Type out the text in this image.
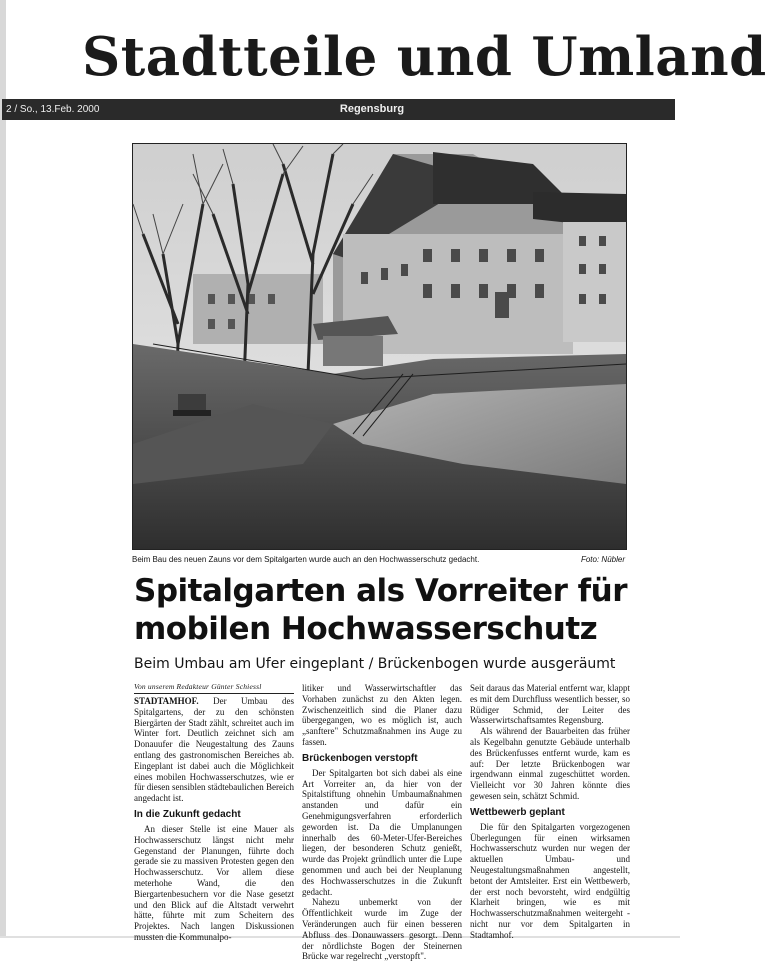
Stadtteile und Umland
2 / So., 13.Feb. 2000	Regensburg
Beim Bau des neuen Zauns vor dem Spitalgarten wurde auch an den Hochwasserschutz gedacht.	Foto: Nübler
Spitalgarten als Vorreiter für
mobilen Hochwasserschutz
Beim Umbau am Ufer eingeplant / Brückenbogen wurde ausgeräumt
Von unserem Redakteur Günter Schiessl

STADTAMHOF. Der Umbau des Spitalgartens, der zu den schönsten Biergärten der Stadt zählt, schreitet auch im Winter fort. Deutlich zeichnet sich am Donauufer die Neugestaltung des Zauns entlang des gastronomischen Bereiches ab. Eingeplant ist dabei auch die Möglichkeit eines mobilen Hochwasserschutzes, wie er für diesen sensiblen städtebaulichen Bereich angedacht ist.

In die Zukunft gedacht

An dieser Stelle ist eine Mauer als Hochwasserschutz längst nicht mehr Gegenstand der Planungen, führte doch gerade sie zu massiven Protesten gegen den Hochwasserschutz. Vor allem diese meterhohe Wand, die den Biergartenbesuchern vor die Nase gesetzt und den Blick auf die Altstadt verwehrt hätte, führte mit zum Scheitern des Projektes. Nach langen Diskussionen mussten die Kommunalpo-

litiker und Wasserwirtschaftler das Vorhaben zunächst zu den Akten legen. Zwischenzeitlich sind die Planer dazu übergegangen, wo es möglich ist, auch „sanftere" Schutzmaßnahmen ins Auge zu fassen.

Brückenbogen verstopft

Der Spitalgarten bot sich dabei als eine Art Vorreiter an, da hier von der Spitalstiftung ohnehin Umbaumaßnahmen anstanden und dafür ein Genehmigungsverfahren erforderlich geworden ist. Da die Umplanungen innerhalb des 60-Meter-Ufer-Bereiches liegen, der besonderen Schutz genießt, wurde das Projekt gründlich unter die Lupe genommen und auch bei der Neuplanung des Hochwasserschutzes in die Zukunft gedacht.

Nahezu unbemerkt von der Öffentlichkeit wurde im Zuge der Veränderungen auch für einen besseren Abfluss des Donauwassers gesorgt. Denn der nördlichste Bogen der Steinernen Brücke war regelrecht „verstopft".

Seit daraus das Material entfernt war, klappt es mit dem Durchfluss wesentlich besser, so Rüdiger Schmid, der Leiter des Wasserwirtschaftsamtes Regensburg.

Als während der Bauarbeiten das früher als Kegelbahn genutzte Gebäude unterhalb des Brückenfusses entfernt wurde, kam es auf: Der letzte Brückenbogen war irgendwann einmal zugeschüttet worden. Vielleicht vor 30 Jahren könnte dies gewesen sein, schätzt Schmid.

Wettbewerb geplant

Die für den Spitalgarten vorgezogenen Überlegungen für einen wirksamen Hochwasserschutz wurden nur wegen der aktuellen Umbau- und Neugestaltungsmaßnahmen angestellt, betont der Amtsleiter. Erst ein Wettbewerb, der erst noch bevorsteht, wird endgültig Klarheit bringen, wie es mit Hochwasserschutzmaßnahmen weitergeht - nicht nur vor dem Spitalgarten in Stadtamhof.
